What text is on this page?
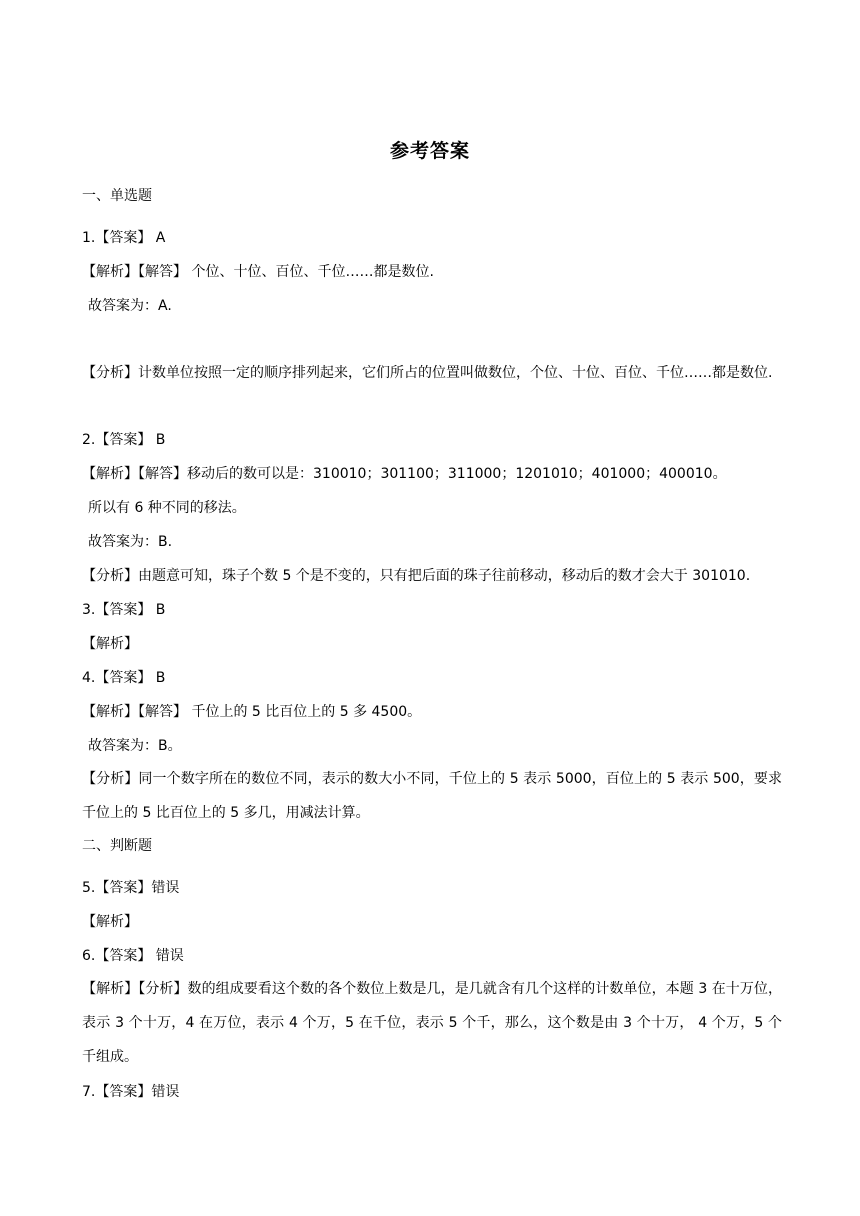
参考答案

一、单选题

1.【答案】 A

【解析】【解答】 个位、十位、百位、千位……都是数位.

故答案为：A.

【分析】计数单位按照一定的顺序排列起来，它们所占的位置叫做数位，个位、十位、百位、千位……都是数位.

2.【答案】 B

【解析】【解答】移动后的数可以是：310010；301100；311000；1201010；401000；400010。

所以有 6 种不同的移法。

故答案为：B.

【分析】由题意可知，珠子个数 5 个是不变的，只有把后面的珠子往前移动，移动后的数才会大于 301010.

3.【答案】 B

【解析】

4.【答案】 B

【解析】【解答】 千位上的 5 比百位上的 5 多 4500。

故答案为：B。

【分析】同一个数字所在的数位不同，表示的数大小不同，千位上的 5 表示 5000，百位上的 5 表示 500，要求千位上的 5 比百位上的 5 多几，用减法计算。

二、判断题

5.【答案】错误

【解析】

6.【答案】 错误

【解析】【分析】数的组成要看这个数的各个数位上数是几，是几就含有几个这样的计数单位，本题 3 在十万位，表示 3 个十万，4 在万位，表示 4 个万，5 在千位，表示 5 个千，那么，这个数是由 3 个十万， 4 个万，5 个千组成。

7.【答案】错误
